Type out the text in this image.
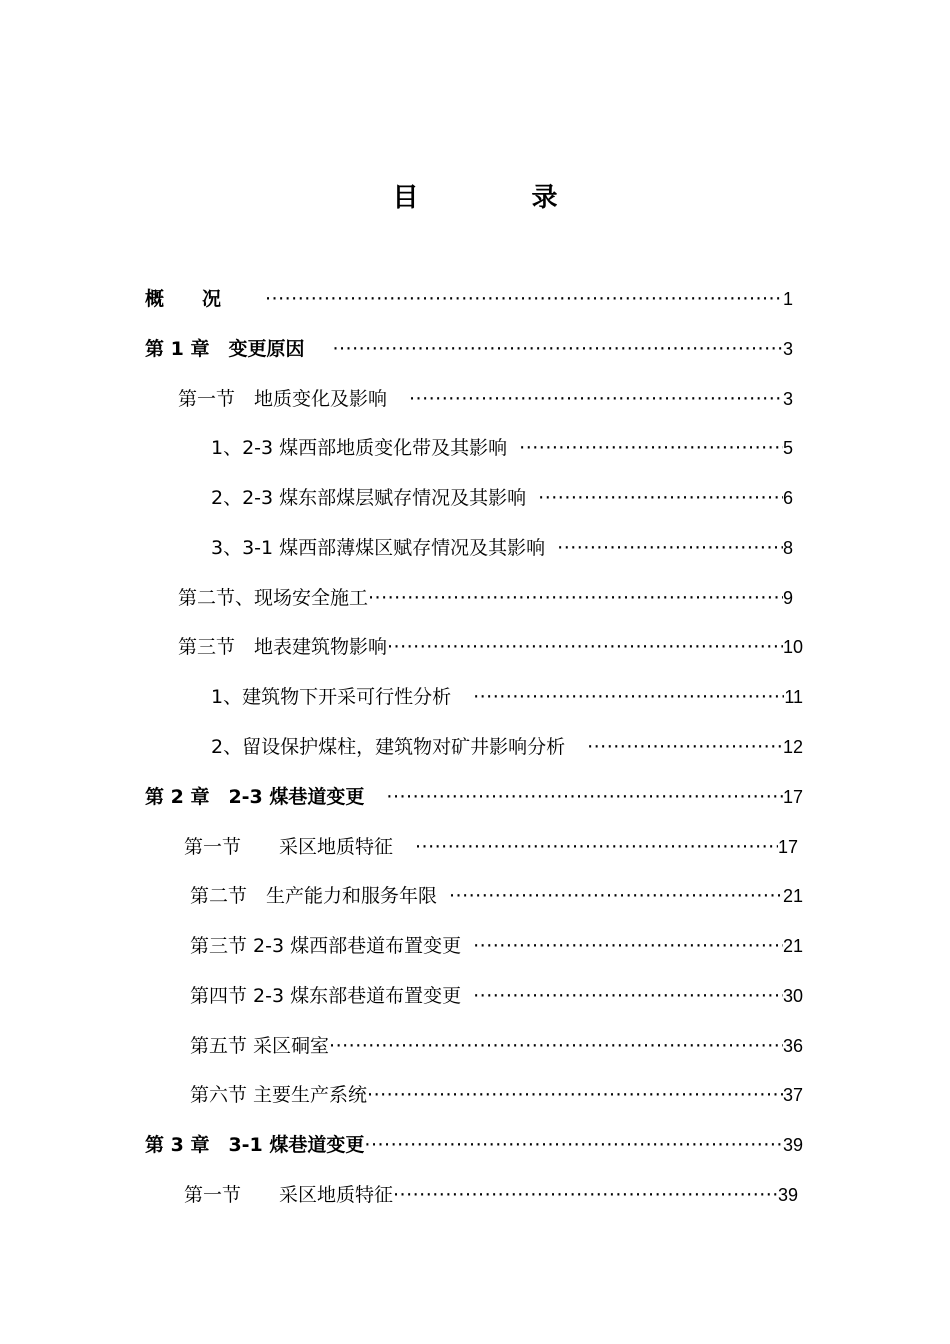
目 录
概　　况 ·····	1
第 1 章　变更原因 ·····	3
第一节　地质变化及影响 ·····	3
1、2-3 煤西部地质变化带及其影响 ·····	5
2、2-3 煤东部煤层赋存情况及其影响 ·····	6
3、3-1 煤西部薄煤区赋存情况及其影响 ·····	8
第二节、现场安全施工 ·····	9
第三节　地表建筑物影响 ·····	10
1、建筑物下开采可行性分析 ·····	11
2、留设保护煤柱，建筑物对矿井影响分析 ·····	12
第 2 章　2-3 煤巷道变更 ·····	17
第一节　　采区地质特征 ·····	17
第二节　生产能力和服务年限 ·····	21
第三节 2-3 煤西部巷道布置变更 ·····	21
第四节 2-3 煤东部巷道布置变更 ·····	30
第五节 采区硐室 ·····	36
第六节 主要生产系统 ·····	37
第 3 章　3-1 煤巷道变更 ·····	39
第一节　　采区地质特征 ·····	39
